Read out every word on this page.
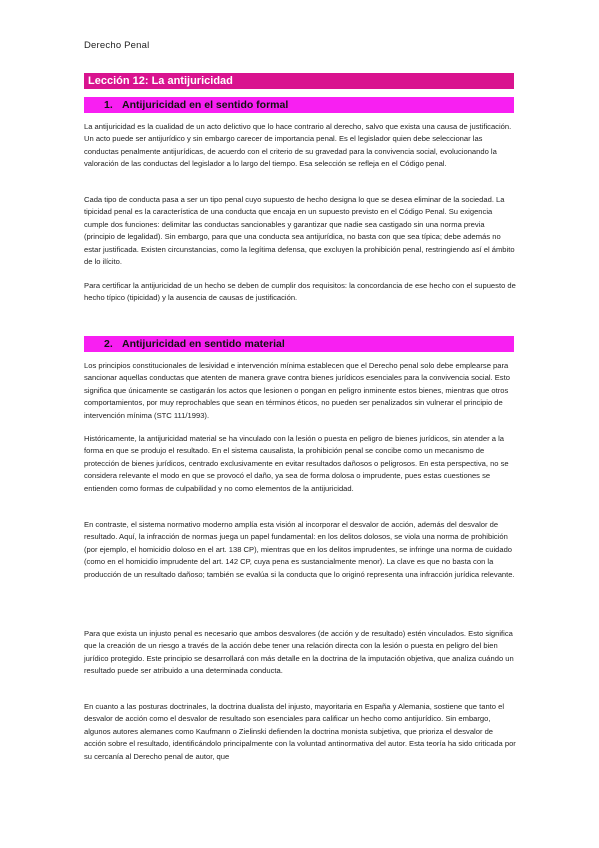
Derecho Penal
Lección 12: La antijuricidad
1. Antijuricidad en el sentido formal
La antijuricidad es la cualidad de un acto delictivo que lo hace contrario al derecho, salvo que exista una causa de justificación. Un acto puede ser antijurídico y sin embargo carecer de importancia penal. Es el legislador quien debe seleccionar las conductas penalmente antijurídicas, de acuerdo con el criterio de su gravedad para la convivencia social, evolucionando la valoración de las conductas del legislador a lo largo del tiempo. Esa selección se refleja en el Código penal.
Cada tipo de conducta pasa a ser un tipo penal cuyo supuesto de hecho designa lo que se desea eliminar de la sociedad. La tipicidad penal es la característica de una conducta que encaja en un supuesto previsto en el Código Penal. Su exigencia cumple dos funciones: delimitar las conductas sancionables y garantizar que nadie sea castigado sin una norma previa (principio de legalidad). Sin embargo, para que una conducta sea antijurídica, no basta con que sea típica; debe además no estar justificada. Existen circunstancias, como la legítima defensa, que excluyen la prohibición penal, restringiendo así el ámbito de lo ilícito.
Para certificar la antijuricidad de un hecho se deben de cumplir dos requisitos: la concordancia de ese hecho con el supuesto de hecho típico (tipicidad) y la ausencia de causas de justificación.
2. Antijuricidad en sentido material
Los principios constitucionales de lesividad e intervención mínima establecen que el Derecho penal solo debe emplearse para sancionar aquellas conductas que atenten de manera grave contra bienes jurídicos esenciales para la convivencia social. Esto significa que únicamente se castigarán los actos que lesionen o pongan en peligro inminente estos bienes, mientras que otros comportamientos, por muy reprochables que sean en términos éticos, no pueden ser penalizados sin vulnerar el principio de intervención mínima (STC 111/1993).
Históricamente, la antijuricidad material se ha vinculado con la lesión o puesta en peligro de bienes jurídicos, sin atender a la forma en que se produjo el resultado. En el sistema causalista, la prohibición penal se concibe como un mecanismo de protección de bienes jurídicos, centrado exclusivamente en evitar resultados dañosos o peligrosos. En esta perspectiva, no se considera relevante el modo en que se provocó el daño, ya sea de forma dolosa o imprudente, pues estas cuestiones se entienden como formas de culpabilidad y no como elementos de la antijuricidad.
En contraste, el sistema normativo moderno amplía esta visión al incorporar el desvalor de acción, además del desvalor de resultado. Aquí, la infracción de normas juega un papel fundamental: en los delitos dolosos, se viola una norma de prohibición (por ejemplo, el homicidio doloso en el art. 138 CP), mientras que en los delitos imprudentes, se infringe una norma de cuidado (como en el homicidio imprudente del art. 142 CP, cuya pena es sustancialmente menor). La clave es que no basta con la producción de un resultado dañoso; también se evalúa si la conducta que lo originó representa una infracción jurídica relevante.
Para que exista un injusto penal es necesario que ambos desvalores (de acción y de resultado) estén vinculados. Esto significa que la creación de un riesgo a través de la acción debe tener una relación directa con la lesión o puesta en peligro del bien jurídico protegido. Este principio se desarrollará con más detalle en la doctrina de la imputación objetiva, que analiza cuándo un resultado puede ser atribuido a una determinada conducta.
En cuanto a las posturas doctrinales, la doctrina dualista del injusto, mayoritaria en España y Alemania, sostiene que tanto el desvalor de acción como el desvalor de resultado son esenciales para calificar un hecho como antijurídico. Sin embargo, algunos autores alemanes como Kaufmann o Zielinski defienden la doctrina monista subjetiva, que prioriza el desvalor de acción sobre el resultado, identificándolo principalmente con la voluntad antinormativa del autor. Esta teoría ha sido criticada por su cercanía al Derecho penal de autor, que
